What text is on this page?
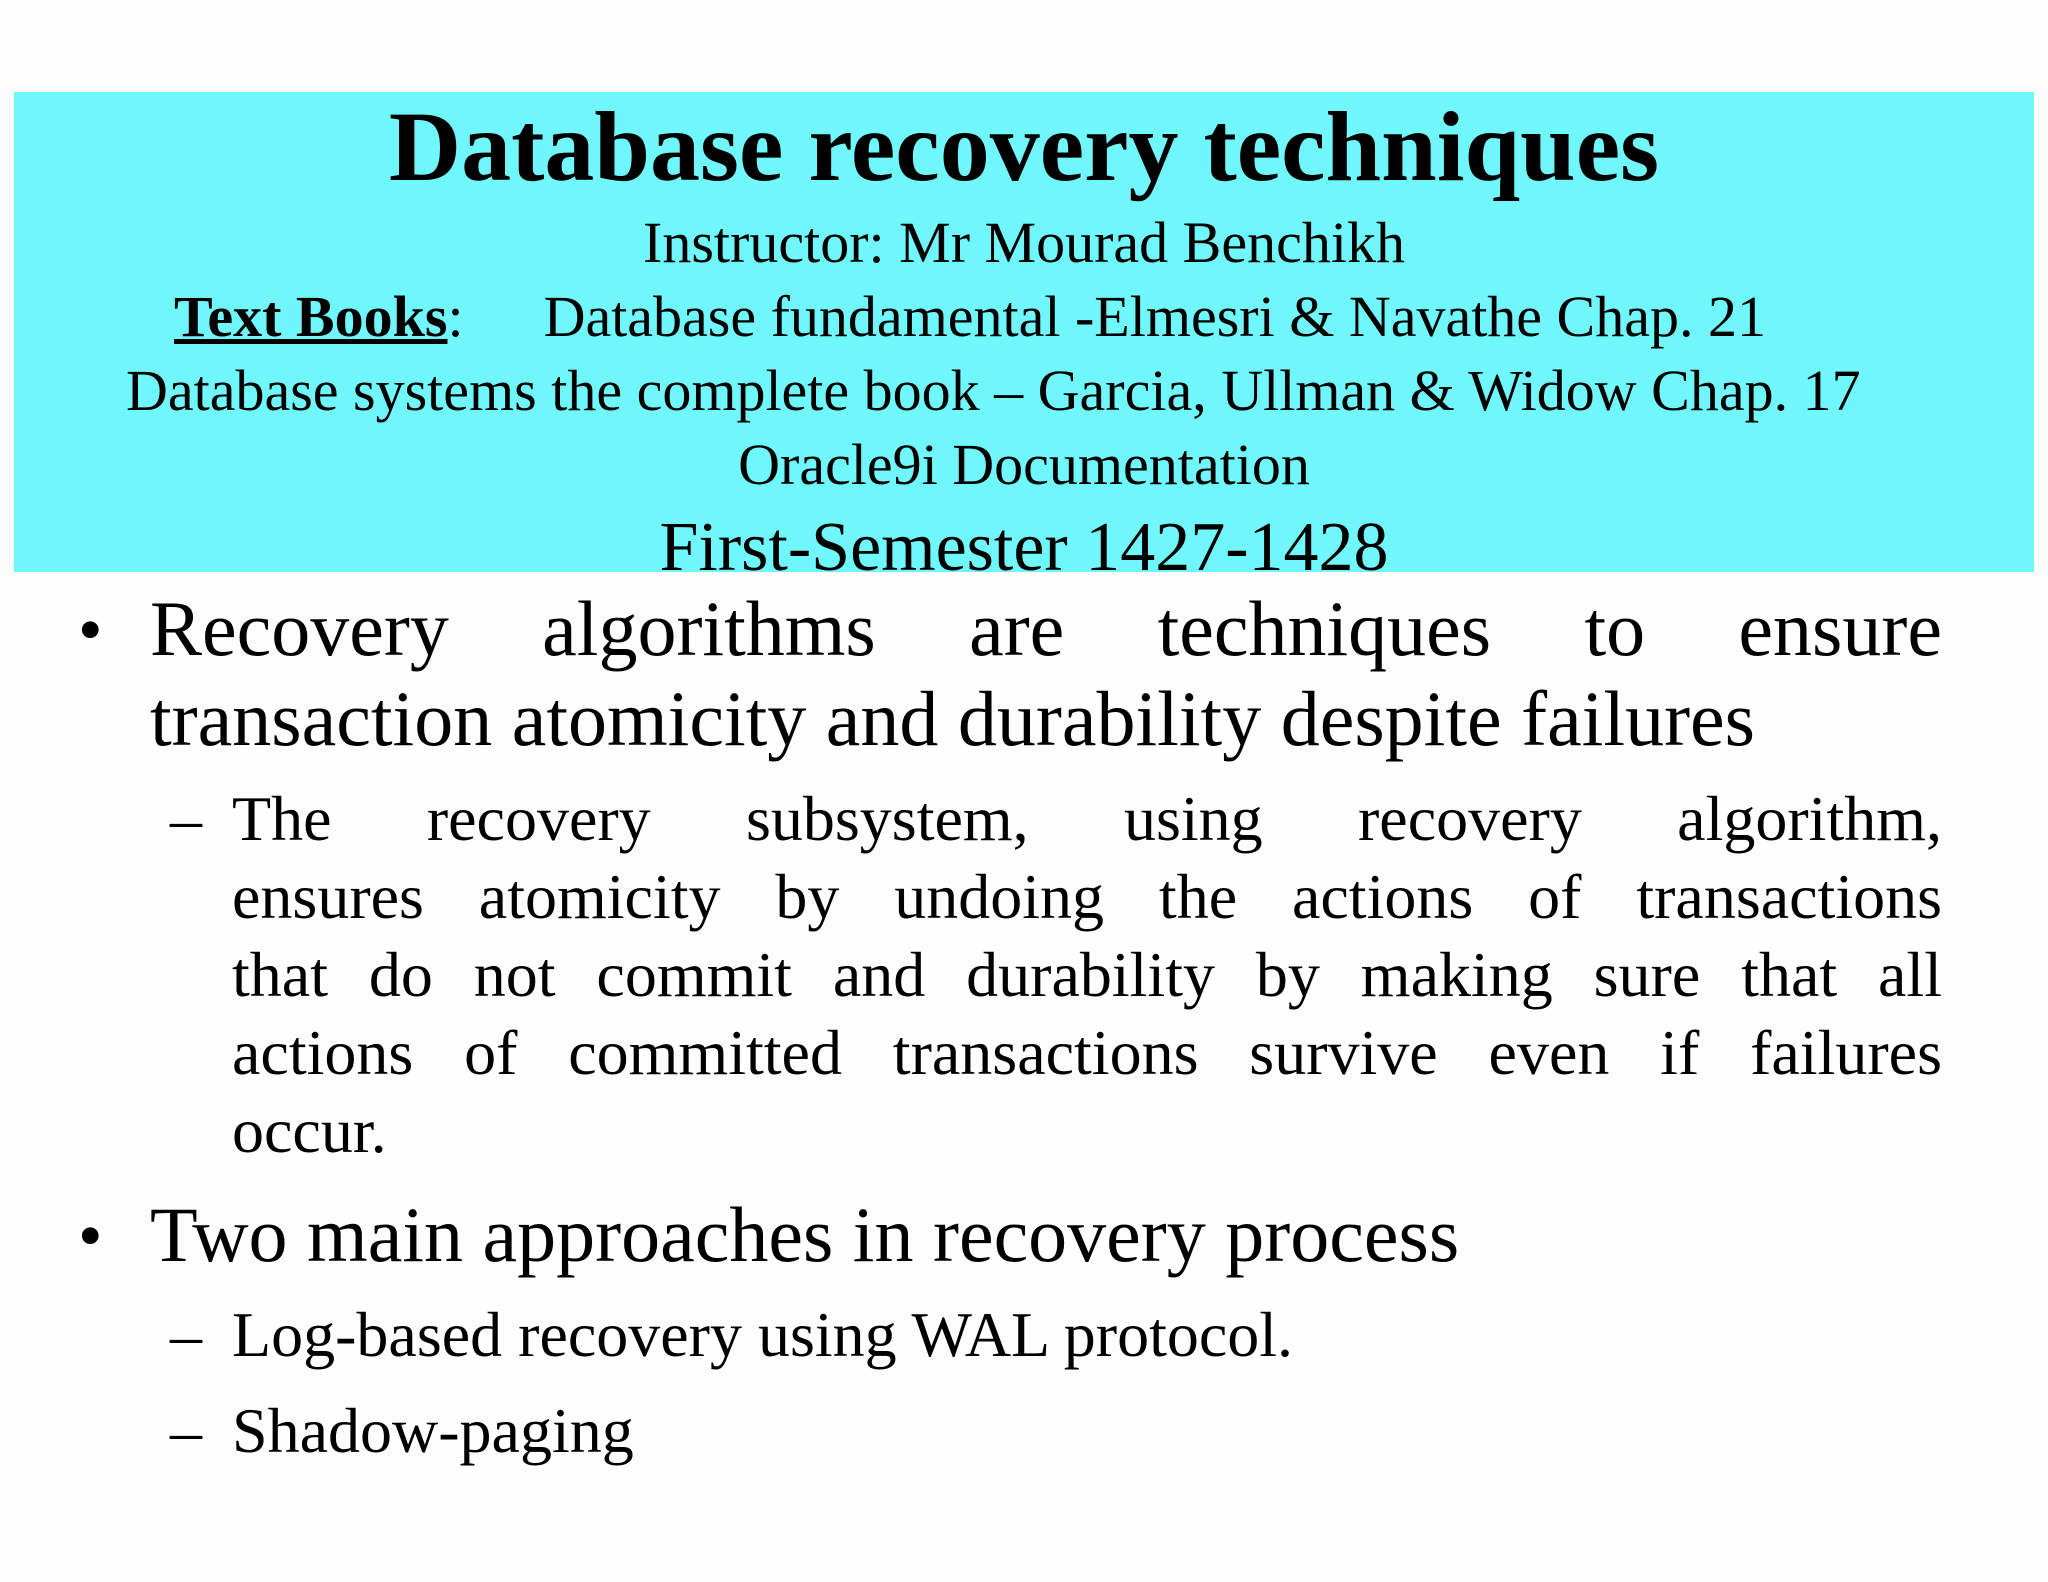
Database recovery techniques
Instructor: Mr Mourad Benchikh
Text Books: Database fundamental -Elmesri & Navathe Chap. 21
Database systems the complete book – Garcia, Ullman & Widow Chap. 17
Oracle9i Documentation
First-Semester 1427-1428
• Recovery algorithms are techniques to ensure
transaction atomicity and durability despite failures
– The recovery subsystem, using recovery algorithm,
ensures atomicity by undoing the actions of transactions
that do not commit and durability by making sure that all
actions of committed transactions survive even if failures
occur.
• Two main approaches in recovery process
– Log-based recovery using WAL protocol.
– Shadow-paging
